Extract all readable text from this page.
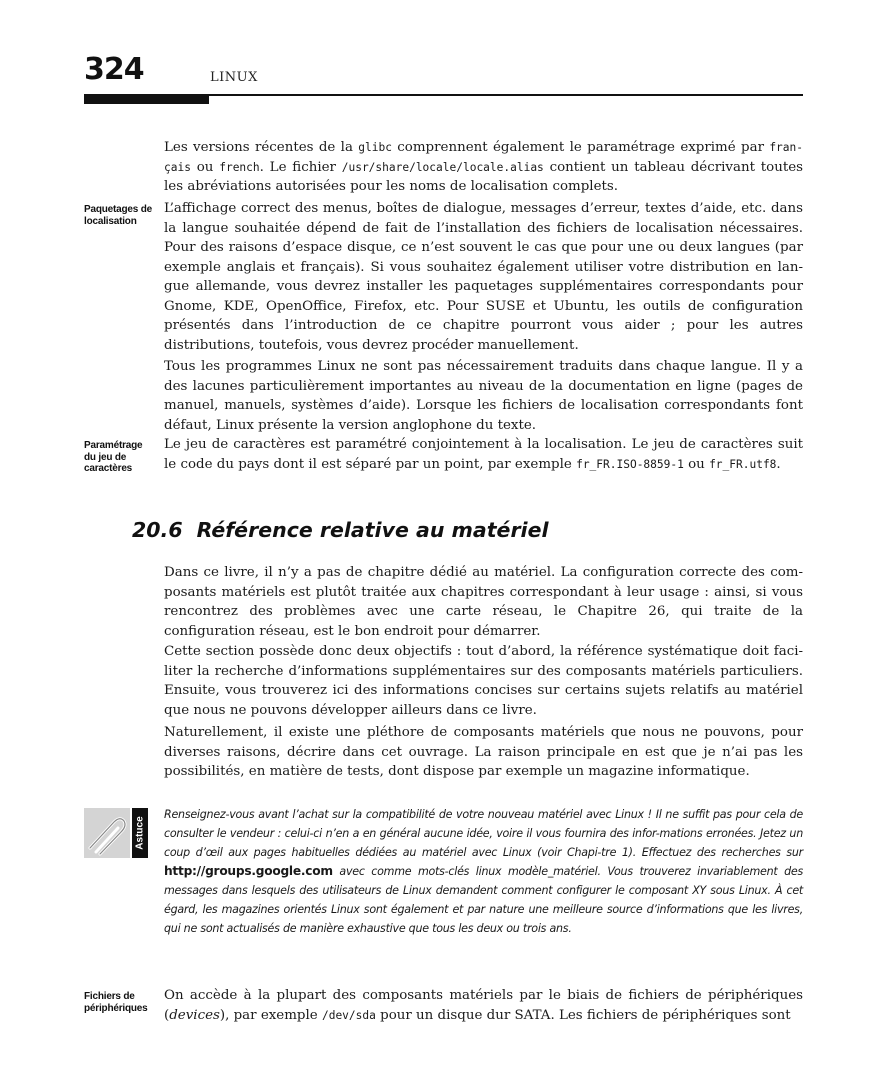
324	LINUX

Les versions récentes de la glibc comprennent également le paramétrage exprimé par fran-çais ou french. Le fichier /usr/share/locale/locale.alias contient un tableau décrivant toutes les abréviations autorisées pour les noms de localisation complets.

Paquetages de
localisation

L’affichage correct des menus, boîtes de dialogue, messages d’erreur, textes d’aide, etc. dans la langue souhaitée dépend de fait de l’installation des fichiers de localisation nécessaires. Pour des raisons d’espace disque, ce n’est souvent le cas que pour une ou deux langues (par exemple anglais et français). Si vous souhaitez également utiliser votre distribution en lan-gue allemande, vous devrez installer les paquetages supplémentaires correspondants pour Gnome, KDE, OpenOffice, Firefox, etc. Pour SUSE et Ubuntu, les outils de configuration présentés dans l’introduction de ce chapitre pourront vous aider ; pour les autres distributions, toutefois, vous devrez procéder manuellement.

Tous les programmes Linux ne sont pas nécessairement traduits dans chaque langue. Il y a des lacunes particulièrement importantes au niveau de la documentation en ligne (pages de manuel, manuels, systèmes d’aide). Lorsque les fichiers de localisation correspondants font défaut, Linux présente la version anglophone du texte.

Paramétrage
du jeu de
caractères

Le jeu de caractères est paramétré conjointement à la localisation. Le jeu de caractères suit le code du pays dont il est séparé par un point, par exemple fr_FR.ISO-8859-1 ou fr_FR.utf8.

20.6 Référence relative au matériel

Dans ce livre, il n’y a pas de chapitre dédié au matériel. La configuration correcte des com-posants matériels est plutôt traitée aux chapitres correspondant à leur usage : ainsi, si vous rencontrez des problèmes avec une carte réseau, le Chapitre 26, qui traite de la configuration réseau, est le bon endroit pour démarrer.

Cette section possède donc deux objectifs : tout d’abord, la référence systématique doit faci-liter la recherche d’informations supplémentaires sur des composants matériels particuliers. Ensuite, vous trouverez ici des informations concises sur certains sujets relatifs au matériel que nous ne pouvons développer ailleurs dans ce livre.

Naturellement, il existe une pléthore de composants matériels que nous ne pouvons, pour diverses raisons, décrire dans cet ouvrage. La raison principale en est que je n’ai pas les possibilités, en matière de tests, dont dispose par exemple un magazine informatique.

Astuce

Renseignez-vous avant l’achat sur la compatibilité de votre nouveau matériel avec Linux ! Il ne suffit pas pour cela de consulter le vendeur : celui-ci n’en a en général aucune idée, voire il vous fournira des infor-mations erronées. Jetez un coup d’œil aux pages habituelles dédiées au matériel avec Linux (voir Chapi-tre 1). Effectuez des recherches sur http://groups.google.com avec comme mots-clés linux modèle_matériel. Vous trouverez invariablement des messages dans lesquels des utilisateurs de Linux demandent comment configurer le composant XY sous Linux. À cet égard, les magazines orientés Linux sont également et par nature une meilleure source d’informations que les livres, qui ne sont actualisés de manière exhaustive que tous les deux ou trois ans.

Fichiers de
périphériques

On accède à la plupart des composants matériels par le biais de fichiers de périphériques (devices), par exemple /dev/sda pour un disque dur SATA. Les fichiers de périphériques sont
